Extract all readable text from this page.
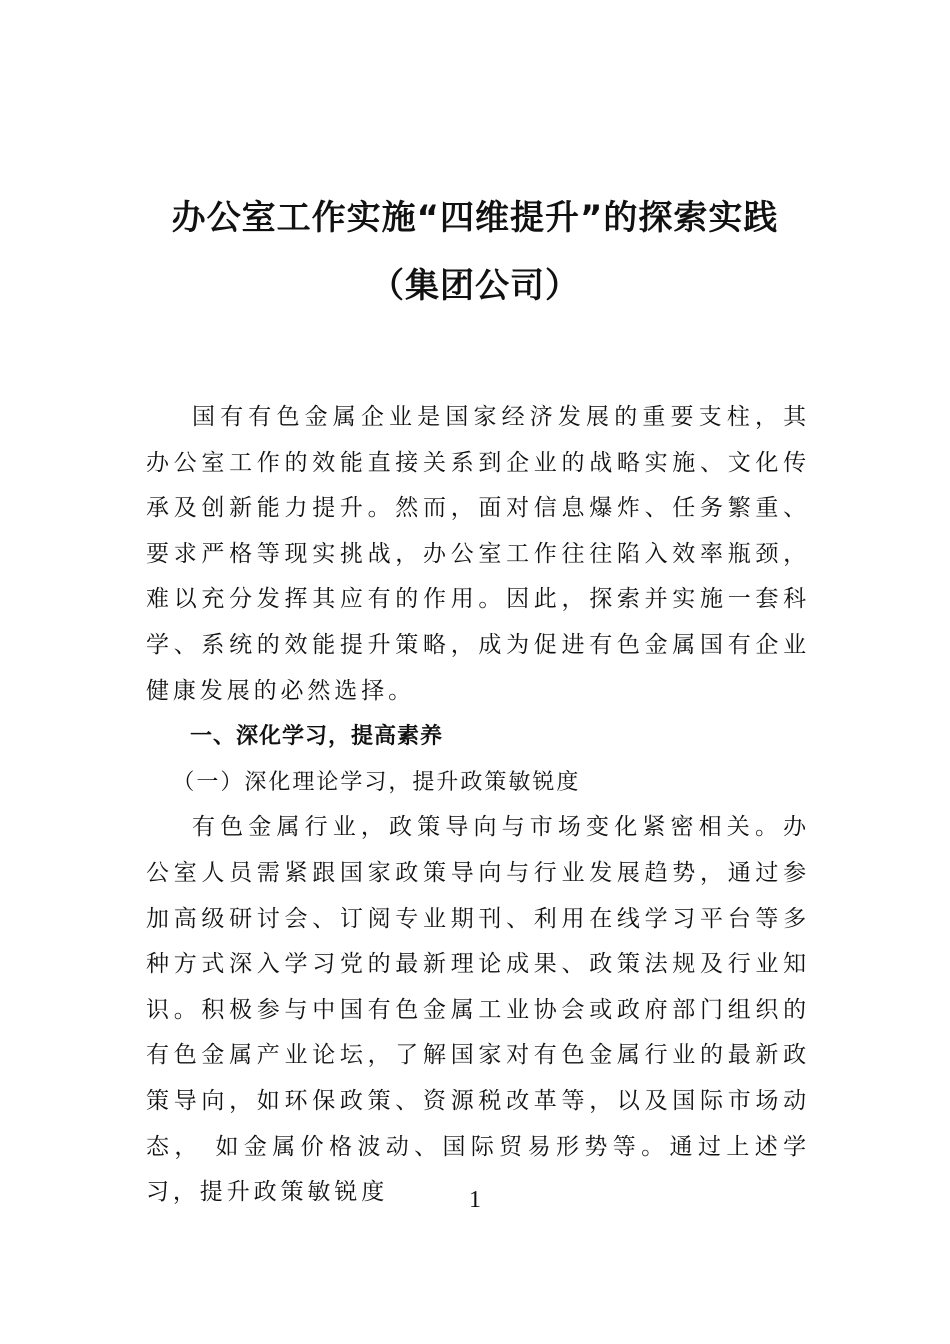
办公室工作实施“四维提升”的探索实践
（集团公司）

国有有色金属企业是国家经济发展的重要支柱，其办公室工作的效能直接关系到企业的战略实施、文化传承及创新能力提升。然而，面对信息爆炸、任务繁重、要求严格等现实挑战，办公室工作往往陷入效率瓶颈，难以充分发挥其应有的作用。因此，探索并实施一套科学、系统的效能提升策略，成为促进有色金属国有企业健康发展的必然选择。

一、深化学习，提高素养

（一）深化理论学习，提升政策敏锐度

有色金属行业，政策导向与市场变化紧密相关。办公室人员需紧跟国家政策导向与行业发展趋势，通过参加高级研讨会、订阅专业期刊、利用在线学习平台等多种方式深入学习党的最新理论成果、政策法规及行业知识。积极参与中国有色金属工业协会或政府部门组织的有色金属产业论坛，了解国家对有色金属行业的最新政策导向，如环保政策、资源税改革等，以及国际市场动态， 如金属价格波动、国际贸易形势等。通过上述学习，提升政策敏锐度	1
